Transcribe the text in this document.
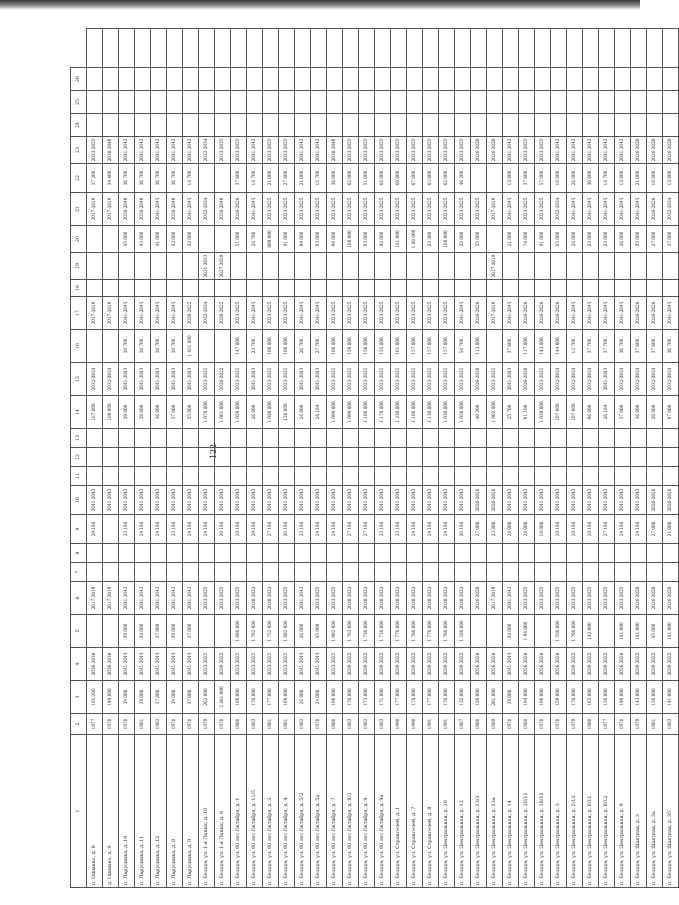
122
1	2	3	4	5	6	7	8	9	10	11	12	13	14	15	16	17	18	19	20	21	22	23	24	25	26	
п. Ошмино, д. 8	1977	161 200	2036-2038		2017-2019			29 184	2041-2043				167 800	2032-2034		2017-2019				2017-2019	37 200	2023-2025				
д. Ошмино, д. 9	1978	149 800	2036-2038		2017-2019				2041-2043				160 000	2032-2034		2017-2019				2017-2019	34 400	2038-2040				
п. Парусинка, д. 10	1978	39 000	2041-2043	39 000	2041-2043			23 184	2041-2043				39 000	2041-2043	39 700	2041-2043			45 000	2038-2040	36 700	2041-2043				
п. Парусинка, д. 11	1981	38 000	2041-2043	38 000	2041-2043			24 184	2041-2043				38 000	2041-2043	38 700	2041-2043			43 000	2038-2040	36 700	2041-2043				
п. Парусинка, д. 12	1982	37 800	2041-2043	37 800	2041-2043			24 184	2041-2043				36 000	2041-2043	38 700	2041-2043			41 000	2041-2043	36 700	2041-2043				
п. Парусинка, д. 8	1976	39 000	2041-2043	39 000	2041-2043			23 184	2041-2043				37 000	2041-2043	39 700	2041-2043			42 000	2038-2040	36 700	2041-2043				
п. Парусинка, д. 9	1976	37 000	2041-2043	37 000	2041-2043			24 184	2041-2043				35 000	2041-2043	1 451 000	2020-2022			32 000	2041-2043	14 700	2041-2043				
п. Белоха, ул. 1-я Линия, д. 10	1979	203 000	2023-2025		2023-2025			24 184	2041-2043				1 070 000	2023-2025		2032-2034		2031-2033		2032-2034		2032-2034				
п. Белоха, ул. 1-я Линия, д. 8	1978	2 461 000	2020-2022		2023-2025			20 184	2041-2043				1 061 000	2020-2022		2020-2022		2027-2029		2038-2040		2033-2035				
п. Белоха, ул. 60 лет Октября, д. 1	1986	160 000	2023-2025	1 660 000	2023-2025			28 184	2041-2043				1 059 000	2023-2025	147 000	2023-2025			51 000	2026-2028	37 000	2023-2025				
п. Белоха, ул. 60 лет Октября, д. 11/5	1983	176 000	2023-2025	1 762 000	2020-2022			29 184	2041-2043				26 000	2041-2043	23 700	2041-2043			24 700	2041-2043	14 700	2041-2043				
п. Белоха, ул. 60 лет Октября, д. 3	1981	177 000	2023-2025	1 752 000	2020-2022			27 184	2041-2043				1 020 000	2023-2025	160 000	2023-2025			809 000	2023-2025	21 000	2023-2025				
п. Белоха, ул. 60 лет Октября, д. 4	1981	169 000	2023-2025	1 682 000	2023-2025			26 184	2041-2043				128 000	2023-2025	160 000	2023-2025			91 000	2023-2025	27 000	2023-2025				
п. Белоха, ул. 60 лет Октября, д. 5/2	1982	26 000	2041-2043	26 000	2041-2043			23 184	2041-2043				24 000	2041-2043	26 700	2041-2043			94 000	2023-2025	21 000	2041-2043				
п. Белоха, ул. 60 лет Октября, д. 5а	1978	24 000	2041-2043	45 900	2023-2025			24 184	2041-2043				24 184	2041-2043	27 700	2041-2043			93 000	2023-2025	15 700	2041-2043				
п. Белоха, ул. 60 лет Октября, д. 7	1986	190 000	2023-2025	1 902 000	2023-2025			24 184	2041-2043				1 099 000	2023-2025	160 000	2023-2025			96 000	2023-2025	36 000	2038-2040				
п. Белоха, ул. 60 лет Октября, д. 8/3	1983	176 000	2020-2022	1 763 000	2020-2022			27 184	2041-2043				1 099 000	2023-2025	159 000	2023-2025			160 000	2023-2025	62 000	2023-2025				
п. Белоха, ул. 60 лет Октября, д. 9	1982	173 000	2020-2022	1 730 000	2020-2022			27 184	2041-2043				1 160 000	2023-2025	156 000	2023-2025			93 000	2023-2025	51 000	2023-2025				
п. Белоха, ул. 60 лет Октября, д. 9а	1983	171 000	2020-2022	1 710 000	2020-2022			23 184	2041-2043				1 170 000	2023-2025	155 000	2023-2025			92 000	2023-2025	68 000	2023-2025				
п. Белоха, ул. Строителей, д. 1	1990	177 000	2020-2022	1 770 000	2020-2022			23 184	2041-2043				1 230 000	2023-2025	161 000	2023-2025			161 000	2023-2025	69 000	2023-2025				
п. Белоха, ул. Строителей, д. 7	1990	178 000	2020-2022	1 780 000	2020-2022			24 184	2041-2043				1 160 000	2023-2025	157 000	2023-2025			1 60 000	2023-2025	67 000	2023-2025				
п. Белоха, ул. Строителей, д. 8	1991	177 000	2020-2022	1 770 000	2020-2022			24 184	2041-2043				1 130 000	2023-2025	157 000	2023-2025			23 200	2023-2025	63 000	2023-2025				
п. Белоха, ул. Центральная, д. 10	1991	176 000	2020-2022	1 760 000	2020-2022			24 184	2041-2043				1 030 000	2023-2025	157 000	2023-2025			160 000	2023-2025	62 000	2023-2025				
п. Белоха, ул. Центральная, д. 12	1987	132 000	2020-2022	1 320 000	2020-2022			26 184	2041-2043				1 050 000	2023-2025	54 700	2041-2043			22 600	2023-2025	46 200	2023-2025				
п. Белоха, ул. Центральная, д. 13/3	1986	126 000	2026-2028		2026-2028			27 000	2026-2028				40 200	2026-2028	113 000	2026-2028			55 000	2023-2025		2026-2028				
п. Белоха, ул. Центральная, д. 13а	1989	201 000	2026-2028		2017-2019			23 800	2026-2028				1 902 000	2023-2025		2017-2019		2017-2019		2017-2019		2026-2028				
п. Белоха, ул. Центральная, д. 14	1976	38 000	2041-2043	38 000	2041-2043			28 000	2041-2043				25 700	2041-2043	37 000	2041-2043			21 000	2041-2043	15 000	2041-2043				
п. Белоха, ул. Центральная, д. 16/11	1988	194 000	2026-2028	1 94 000	2023-2025			28 000	2041-2043				91 100	2026-2028	117 000	2026-2028			74 000	2023-2025	37 000	2023-2025				
п. Белоха, ул. Центральная, д. 18/12	1978	190 000	2026-2028		2023-2025			19 000	2041-2043				1 039 000	2023-2025	143 000	2026-2028			91 000	2023-2025	57 000	2023-2025				
п. Белоха, ул. Центральная, д. 3	1978	159 000	2026-2028	1 550 000	2023-2025			28 184	2041-2043				107 000	2032-2034	144 000	2026-2028			65 000	2032-2034	16 000	2041-2043				
п. Белоха, ул. Центральная, д. 5/13	1979	170 000	2020-2022	1 700 000	2023-2025			28 184	2041-2043				107 000	2032-2034	13 700	2041-2043			24 000	2041-2043	26 000	2041-2043				
п. Белоха, ул. Центральная, д. 6/11	1980	163 000	2020-2022	142 000	2023-2025			28 184	2041-2043				96 000	2032-2034	37 700	2041-2043			23 000	2041-2043	30 000	2041-2043				
п. Белоха, ул. Центральная, д. 8/12	1977	150 000	2020-2022		2023-2025			27 184	2041-2043				26 184	2041-2043	37 700	2041-2043			23 000	2041-2043	14 700	2041-2043				
п. Белоха, ул. Центральная, д. 9	1976	140 000	2026-2028	141 000	2023-2025			24 184	2041-2043				37 000	2032-2034	36 700	2041-2043			26 000	2041-2043	15 000	2041-2043				
п. Белоха, ул. Шахтная, д. 3	1979	143 000	2020-2022	141 000	2026-2028			24 184	2041-2043				36 000	2032-2034	37 000	2026-2028			35 000	2041-2043	21 000	2026-2028				
п. Белоха, ул. Шахтная, д. 3а	1981	150 000	2020-2022	45 000	2026-2028			27 000	2026-2028				20 000	2032-2034	37 000	2026-2028			27 000	2026-2028	16 000	2026-2028				
п. Белоха, ул. Шахтная, д. 35	1983	141 000	2020-2022	141 000	2026-2028			21 000	2026-2028				87 000	2032-2034	36 700	2041-2043			37 000	2032-2034	15 000	2026-2028				
